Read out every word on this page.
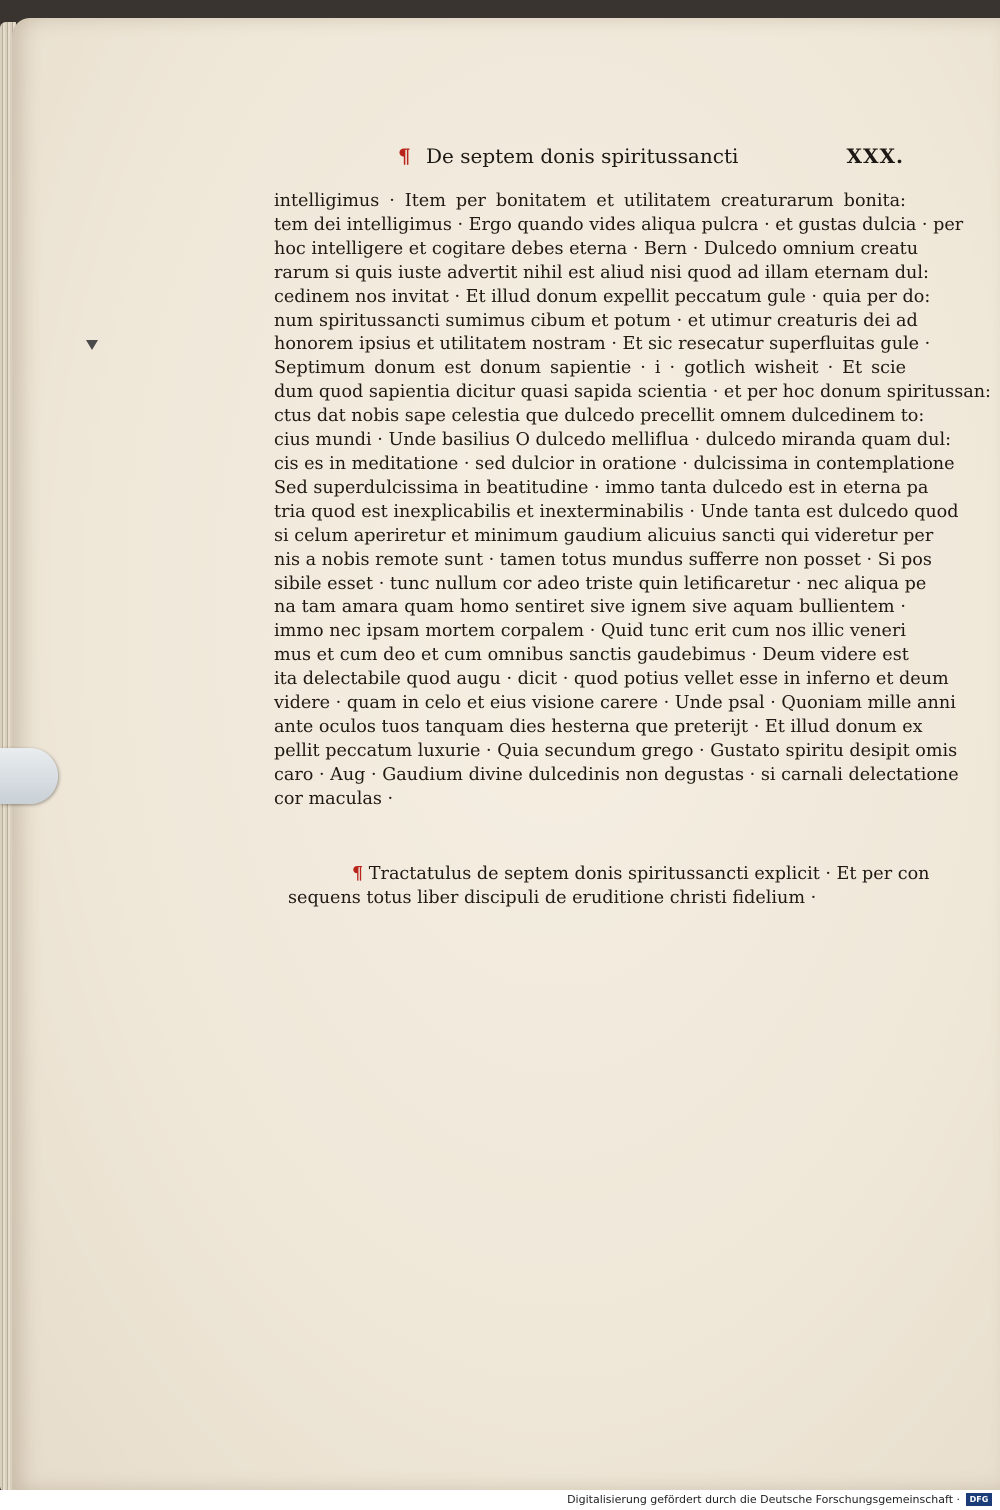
¶ De septem donis spiritussancti	XXX.
intelligimus · Item per bonitatem et utilitatem creaturarum bonita:
tem dei intelligimus · Ergo quando vides aliqua pulcra · et gustas dulcia · per
hoc intelligere et cogitare debes eterna · Bern · Dulcedo omnium creatu
rarum si quis iuste advertit nihil est aliud nisi quod ad illam eternam dul:
cedinem nos invitat · Et illud donum expellit peccatum gule · quia per do:
num spiritussancti sumimus cibum et potum · et utimur creaturis dei ad
honorem ipsius et utilitatem nostram · Et sic resecatur superfluitas gule ·
Septimum donum est donum sapientie · i · gotlich wisheit · Et scie
dum quod sapientia dicitur quasi sapida scientia · et per hoc donum spiritussan:
ctus dat nobis sape celestia que dulcedo precellit omnem dulcedinem to:
cius mundi · Unde basilius O dulcedo melliflua · dulcedo miranda quam dul:
cis es in meditatione · sed dulcior in oratione · dulcissima in contemplatione
Sed superdulcissima in beatitudine · immo tanta dulcedo est in eterna pa
tria quod est inexplicabilis et inexterminabilis · Unde tanta est dulcedo quod
si celum aperiretur et minimum gaudium alicuius sancti qui videretur per
nis a nobis remote sunt · tamen totus mundus sufferre non posset · Si pos
sibile esset · tunc nullum cor adeo triste quin letificaretur · nec aliqua pe
na tam amara quam homo sentiret sive ignem sive aquam bullientem ·
immo nec ipsam mortem corpalem · Quid tunc erit cum nos illic veneri
mus et cum deo et cum omnibus sanctis gaudebimus · Deum videre est
ita delectabile quod augu · dicit · quod potius vellet esse in inferno et deum
videre · quam in celo et eius visione carere · Unde psal · Quoniam mille anni
ante oculos tuos tanquam dies hesterna que preterijt · Et illud donum ex
pellit peccatum luxurie · Quia secundum grego · Gustato spiritu desipit omis
caro · Aug · Gaudium divine dulcedinis non degustas · si carnali delectatione
cor maculas ·
¶ Tractatulus de septem donis spiritussancti explicit · Et per con
sequens totus liber discipuli de eruditione christi fidelium ·
Digitalisierung gefördert durch die Deutsche Forschungsgemeinschaft ·	DFG
